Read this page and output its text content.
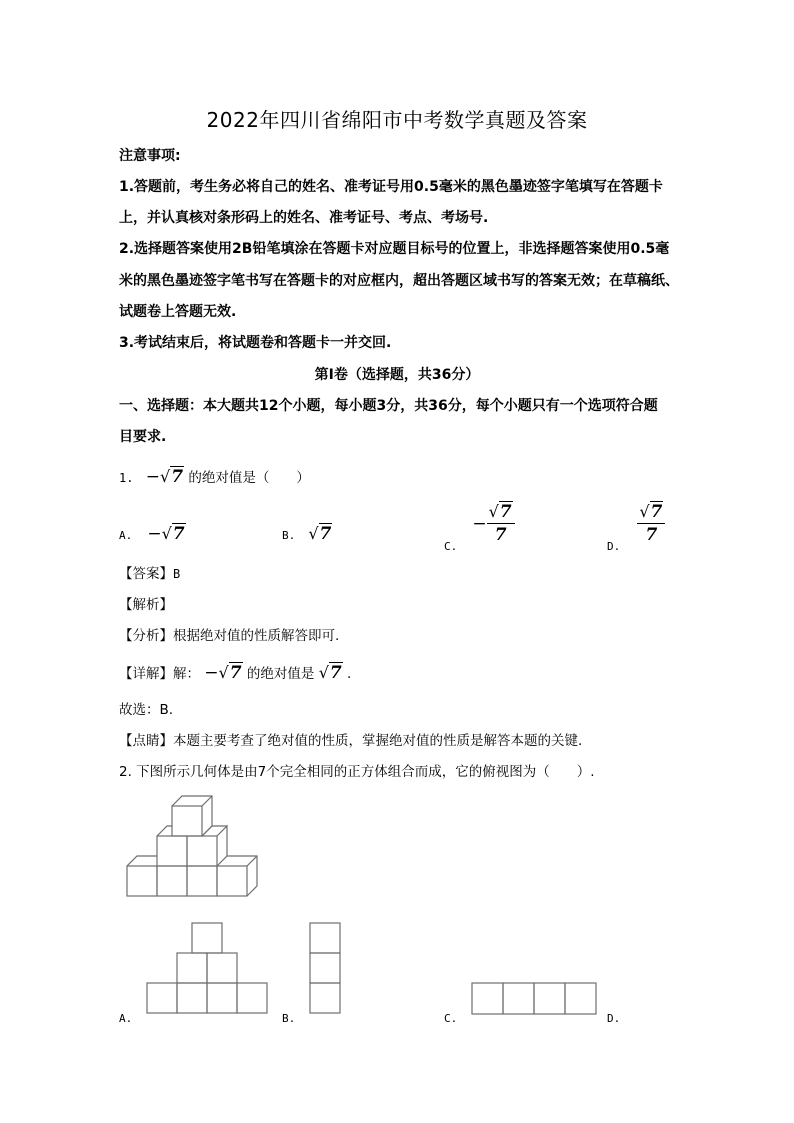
2022年四川省绵阳市中考数学真题及答案
注意事项:
1.答题前，考生务必将自己的姓名、准考证号用0.5毫米的黑色墨迹签字笔填写在答题卡
上，并认真核对条形码上的姓名、准考证号、考点、考场号.
2.选择题答案使用2B铅笔填涂在答题卡对应题目标号的位置上，非选择题答案使用0.5毫
米的黑色墨迹签字笔书写在答题卡的对应框内，超出答题区域书写的答案无效；在草稿纸、
试题卷上答题无效.
3.考试结束后，将试题卷和答题卡一并交回.
第Ⅰ卷（选择题，共36分）
一、选择题：本大题共12个小题，每小题3分，共36分，每个小题只有一个选项符合题
目要求.
1. −√7 的绝对值是（　　）
A. −√7	B. √7
$_{C.} - \frac{√7}{7}$
$_{D.}$
$\frac{√7}{7}$
【答案】B
【解析】
【分析】根据绝对值的性质解答即可.
【详解】解： −√7 的绝对值是 √7 .
故选：B.
【点睛】本题主要考查了绝对值的性质，掌握绝对值的性质是解答本题的关键.
2. 下图所示几何体是由7个完全相同的正方体组合而成，它的俯视图为（　　）.
A.	B.	C.	D.
